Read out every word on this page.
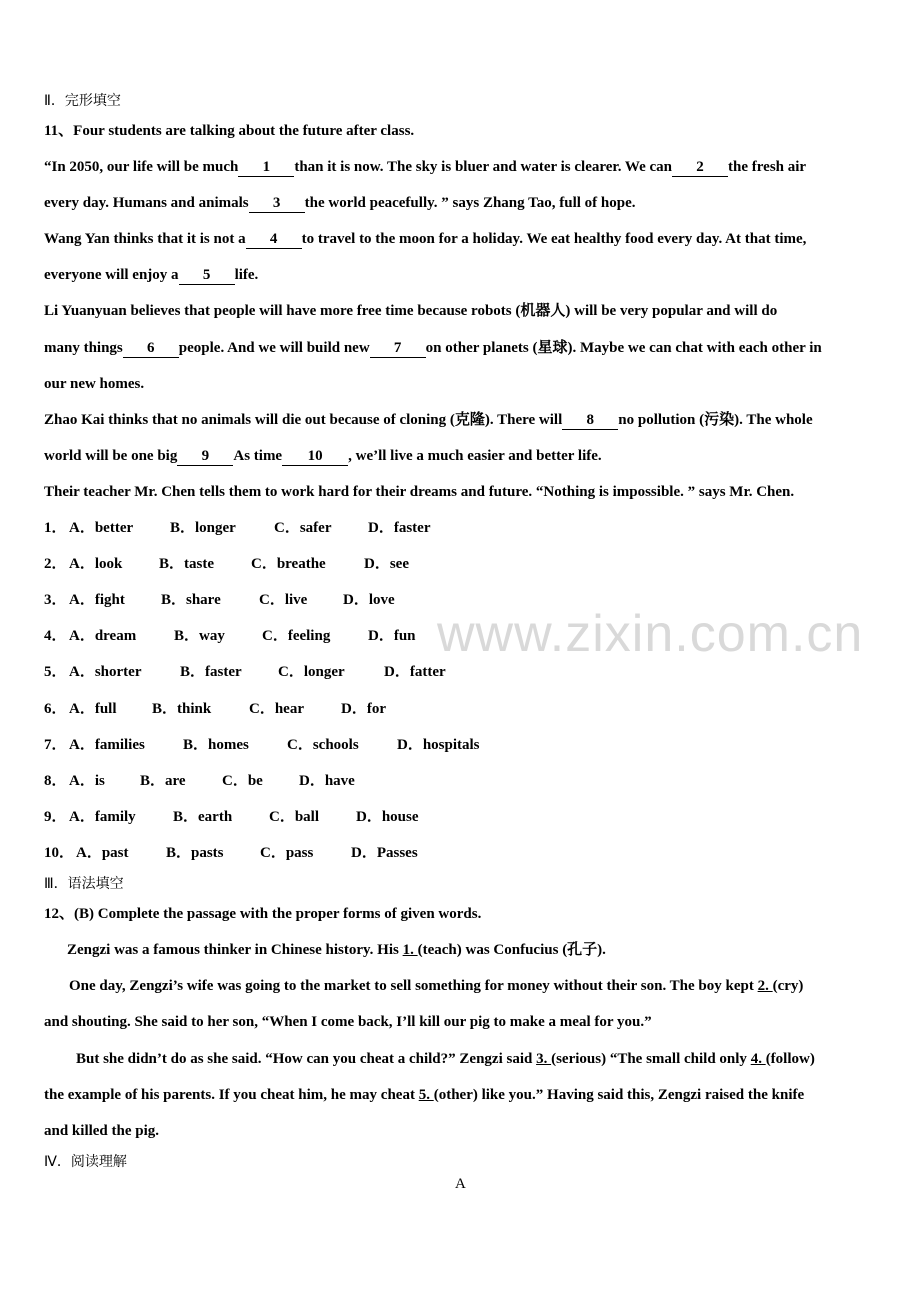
www.zixin.com.cn
Ⅱ．完形填空
11、Four students are talking about the future after class.
“In 2050, our life will be much 1 than it is now. The sky is bluer and water is clearer. We can 2 the fresh air
every day. Humans and animals 3 the world peacefully. ” says Zhang Tao, full of hope.
Wang Yan thinks that it is not a 4 to travel to the moon for a holiday. We eat healthy food every day. At that time,
everyone will enjoy a 5 life.
Li Yuanyuan believes that people will have more free time because robots (机器人) will be very popular and will do
many things 6 people. And we will build new 7 on other planets (星球). Maybe we can chat with each other in
our new homes.
Zhao Kai thinks that no animals will die out because of cloning (克隆). There will 8 no pollution (污染). The whole
world will be one big 9 As time 10 , we’ll live a much easier and better life.
Their teacher Mr. Chen tells them to work hard for their dreams and future. “Nothing is impossible. ” says Mr. Chen.
1． A．better B．longer	C．safer D．faster
2． A．look B．taste C．breathe	D．see
3． A．fight B．share	C．live D．love
4． A．dream	B．way C．feeling	D．fun
5． A．shorter	B．faster C．longer	D．fatter
6． A．full B．think	C．hear D．for
7． A．families	B．homes	C．schools	D．hospitals
8． A．is B．are C．be D．have
9． A．family B．earth C．ball D．house
10． A．past B．pasts C．pass	D．Passes
Ⅲ．语法填空
12、(B) Complete the passage with the proper forms of given words.
Zengzi was a famous thinker in Chinese history. His 1. (teach) was Confucius (孔子).
One day, Zengzi’s wife was going to the market to sell something for money without their son. The boy kept 2. (cry)
and shouting. She said to her son, “When I come back, I’ll kill our pig to make a meal for you.”
But she didn’t do as she said. “How can you cheat a child?” Zengzi said 3. (serious) “The small child only 4. (follow)
the example of his parents. If you cheat him, he may cheat 5. (other) like you.” Having said this, Zengzi raised the knife
and killed the pig.
Ⅳ．阅读理解
A
